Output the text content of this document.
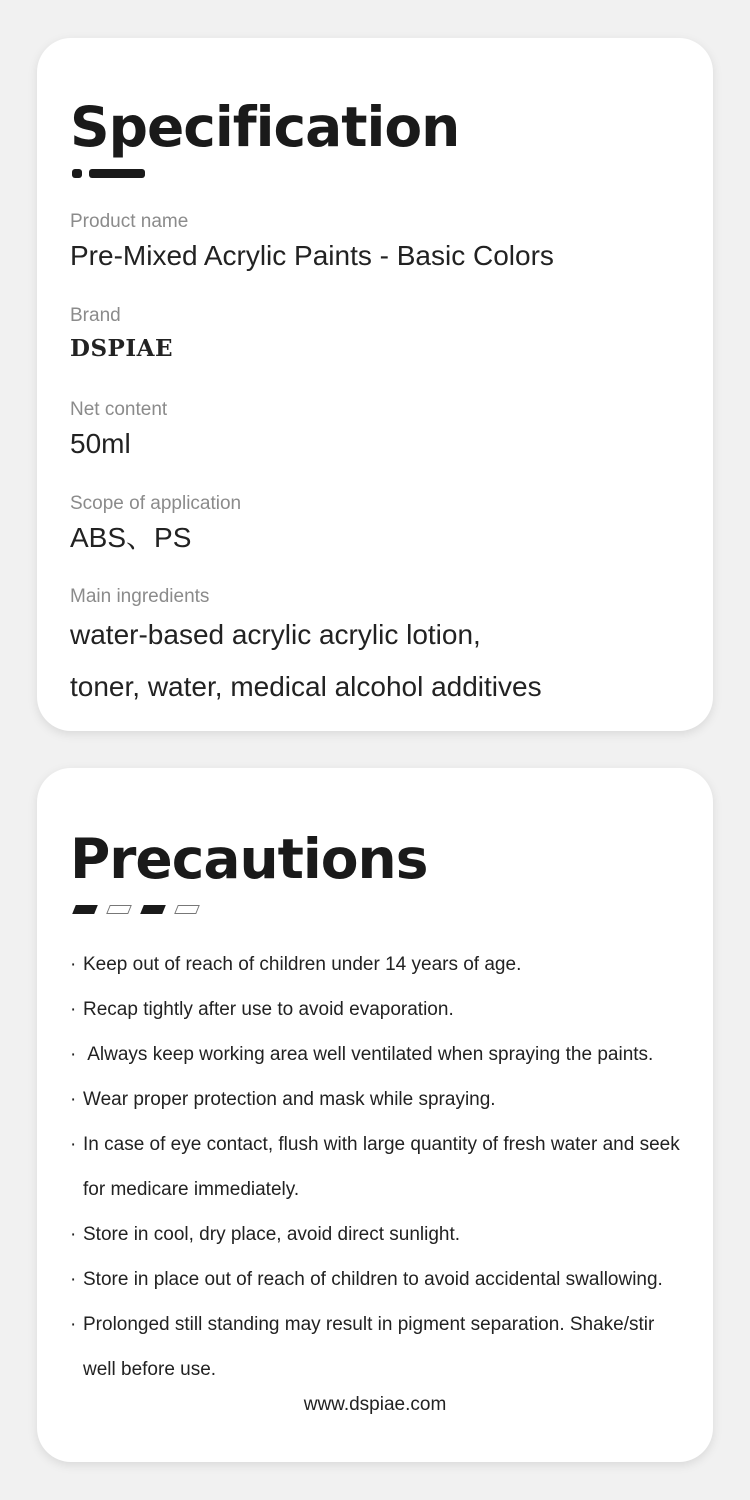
Specification
Product name
Pre-Mixed Acrylic Paints - Basic Colors
Brand
DSPIAE
Net content
50ml
Scope of application
ABS、PS
Main ingredients
water-based acrylic acrylic lotion,
toner, water, medical alcohol additives
Precautions
· Keep out of reach of children under 14 years of age.
· Recap tightly after use to avoid evaporation.
· Always keep working area well ventilated when spraying the paints.
· Wear proper protection and mask while spraying.
· In case of eye contact, flush with large quantity of fresh water and seek
for medicare immediately.
· Store in cool, dry place, avoid direct sunlight.
· Store in place out of reach of children to avoid accidental swallowing.
· Prolonged still standing may result in pigment separation. Shake/stir
well before use.
www.dspiae.com
